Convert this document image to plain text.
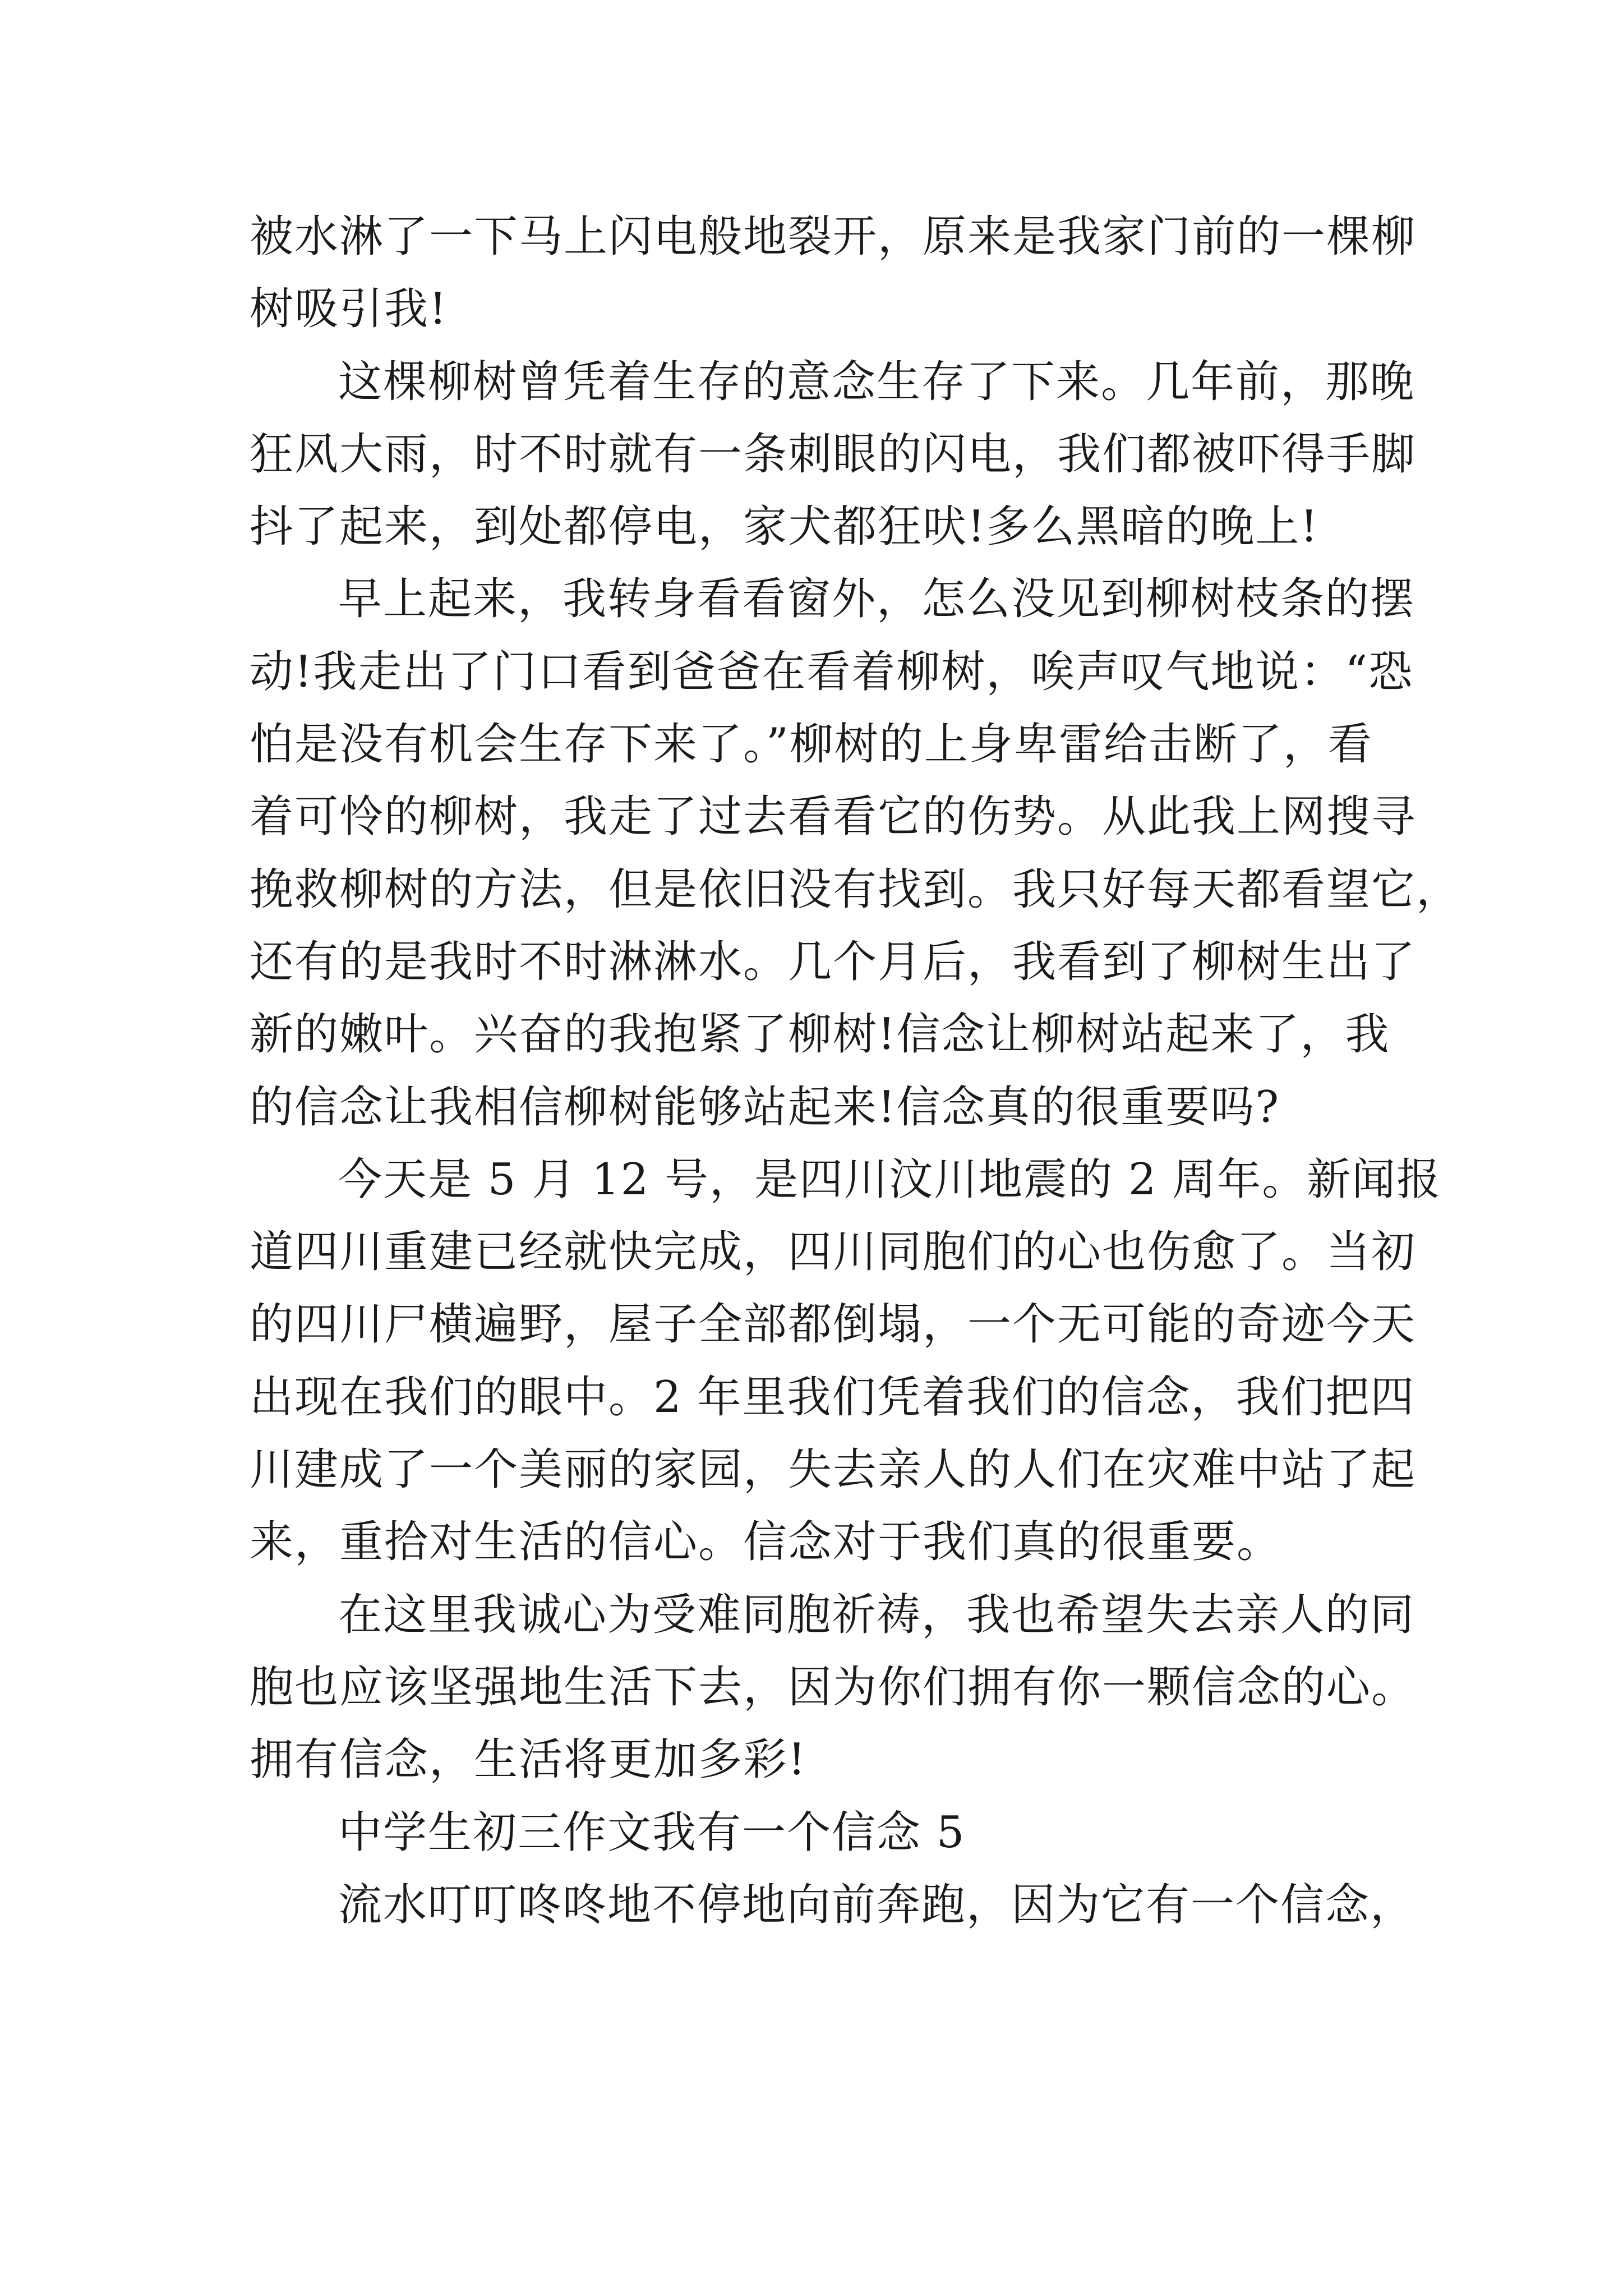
被水淋了一下马上闪电般地裂开，原来是我家门前的一棵柳
树吸引我!
这棵柳树曾凭着生存的意念生存了下来。几年前，那晚
狂风大雨，时不时就有一条刺眼的闪电，我们都被吓得手脚
抖了起来，到处都停电，家犬都狂吠!多么黑暗的晚上!
早上起来，我转身看看窗外，怎么没见到柳树枝条的摆
动!我走出了门口看到爸爸在看着柳树，唉声叹气地说：“恐
怕是没有机会生存下来了。”柳树的上身卑雷给击断了，看
着可怜的柳树，我走了过去看看它的伤势。从此我上网搜寻
挽救柳树的方法，但是依旧没有找到。我只好每天都看望它，
还有的是我时不时淋淋水。几个月后，我看到了柳树生出了
新的嫩叶。兴奋的我抱紧了柳树!信念让柳树站起来了，我
的信念让我相信柳树能够站起来!信念真的很重要吗?
今天是 5 月 12 号，是四川汶川地震的 2 周年。新闻报
道四川重建已经就快完成，四川同胞们的心也伤愈了。当初
的四川尸横遍野，屋子全部都倒塌，一个无可能的奇迹今天
出现在我们的眼中。2 年里我们凭着我们的信念，我们把四
川建成了一个美丽的家园，失去亲人的人们在灾难中站了起
来，重拾对生活的信心。信念对于我们真的很重要。
在这里我诚心为受难同胞祈祷，我也希望失去亲人的同
胞也应该坚强地生活下去，因为你们拥有你一颗信念的心。
拥有信念，生活将更加多彩!
中学生初三作文我有一个信念 5
流水叮叮咚咚地不停地向前奔跑，因为它有一个信念，
